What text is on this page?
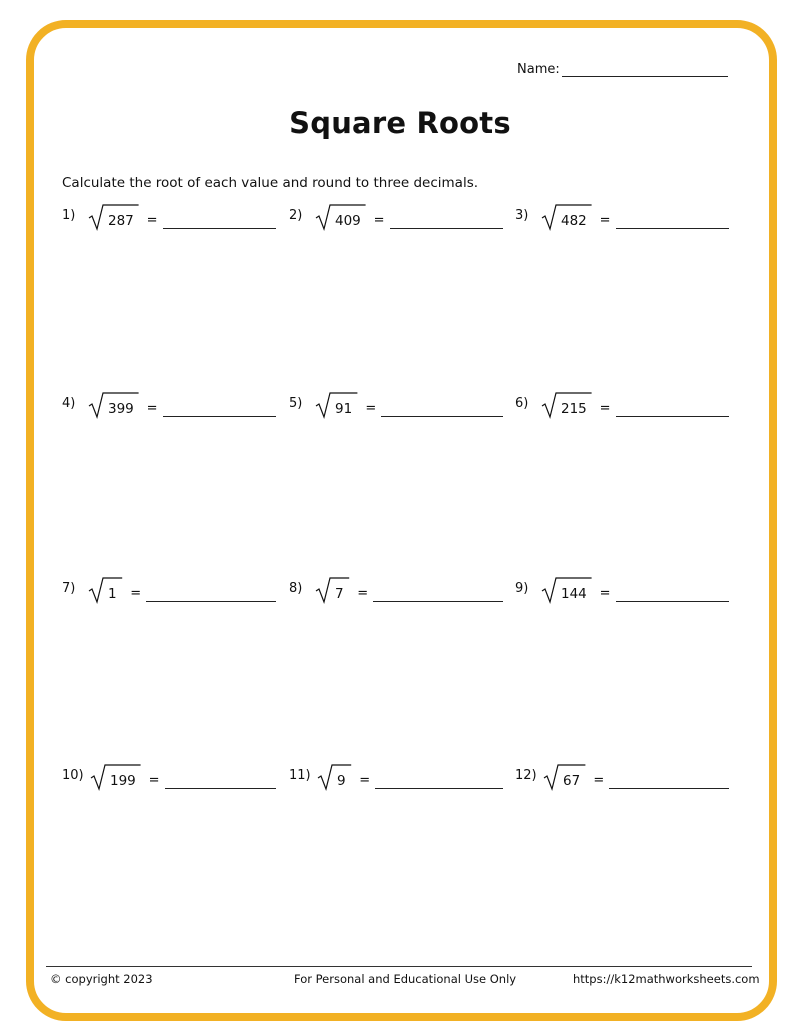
Name:
Square Roots
Calculate the root of each value and round to three decimals.
1) 287 =	2) 409 =	3) 482 =
4) 399 =	5) 91 =	6) 215 =
7) 1 =	8) 7 =	9) 144 =
10) 199 =	11) 9 =	12) 67 =
© copyright 2023	For Personal and Educational Use Only	https://k12mathworksheets.com
